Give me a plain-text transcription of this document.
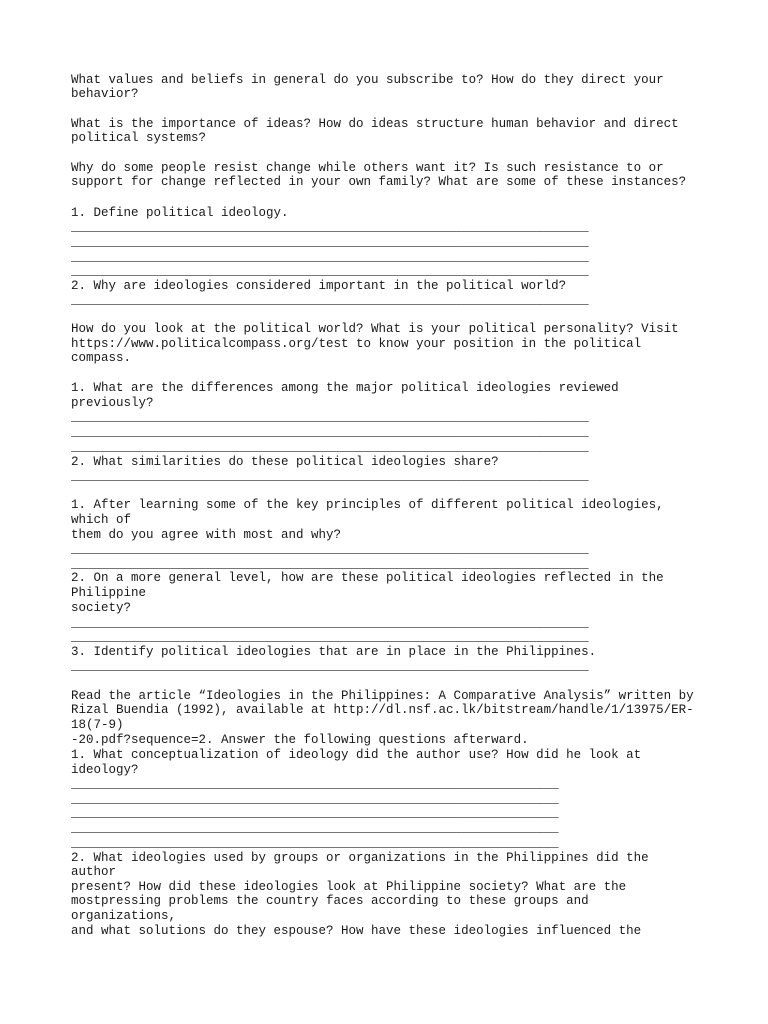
What values and beliefs in general do you subscribe to? How do they direct your
behavior?
What is the importance of ideas? How do ideas structure human behavior and direct
political systems?
Why do some people resist change while others want it? Is such resistance to or
support for change reflected in your own family? What are some of these instances?
1. Define political ideology.
_____________________________________________________________________
_____________________________________________________________________
_____________________________________________________________________
_____________________________________________________________________
2. Why are ideologies considered important in the political world?
_____________________________________________________________________
How do you look at the political world? What is your political personality? Visit
https://www.politicalcompass.org/test to know your position in the political
compass.
1. What are the differences among the major political ideologies reviewed
previously?
_____________________________________________________________________
_____________________________________________________________________
_____________________________________________________________________
2. What similarities do these political ideologies share?
_____________________________________________________________________
1. After learning some of the key principles of different political ideologies,
which of
them do you agree with most and why?
_____________________________________________________________________
_____________________________________________________________________
2. On a more general level, how are these political ideologies reflected in the
Philippine
society?
_____________________________________________________________________
_____________________________________________________________________
3. Identify political ideologies that are in place in the Philippines.
_____________________________________________________________________
Read the article “Ideologies in the Philippines: A Comparative Analysis” written by
Rizal Buendia (1992), available at http://dl.nsf.ac.lk/bitstream/handle/1/13975/ER-
18(7-9)
-20.pdf?sequence=2. Answer the following questions afterward.
1. What conceptualization of ideology did the author use? How did he look at
ideology?
_________________________________________________________________
_________________________________________________________________
_________________________________________________________________
_________________________________________________________________
_________________________________________________________________
2. What ideologies used by groups or organizations in the Philippines did the
author
present? How did these ideologies look at Philippine society? What are the
mostpressing problems the country faces according to these groups and
organizations,
and what solutions do they espouse? How have these ideologies influenced the
